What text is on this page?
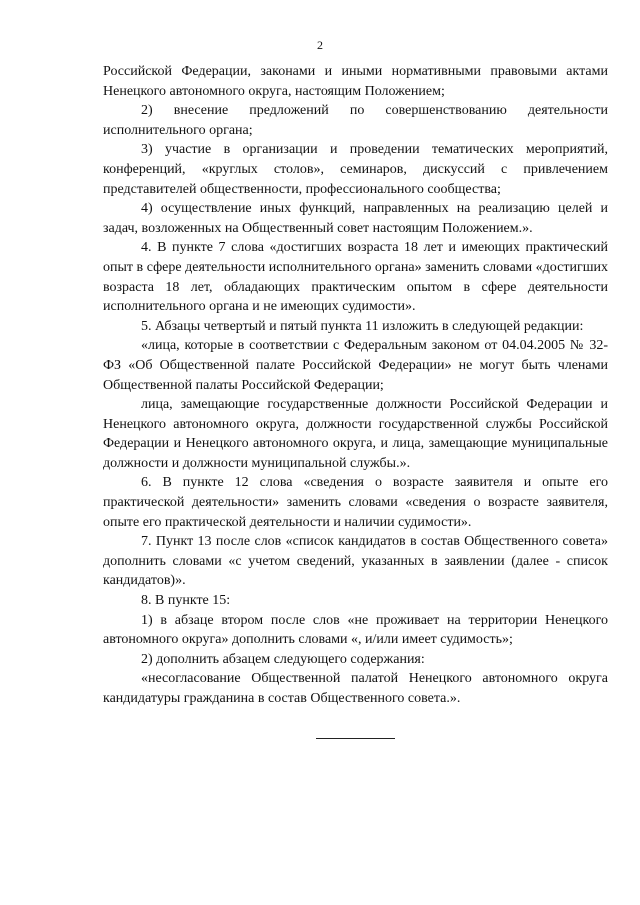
2

Российской Федерации, законами и иными нормативными правовыми актами Ненецкого автономного округа, настоящим Положением;

2) внесение предложений по совершенствованию деятельности исполнительного органа;

3) участие в организации и проведении тематических мероприятий, конференций, «круглых столов», семинаров, дискуссий с привлечением представителей общественности, профессионального сообщества;

4) осуществление иных функций, направленных на реализацию целей и задач, возложенных на Общественный совет настоящим Положением.».

4. В пункте 7 слова «достигших возраста 18 лет и имеющих практический опыт в сфере деятельности исполнительного органа» заменить словами «достигших возраста 18 лет, обладающих практическим опытом в сфере деятельности исполнительного органа и не имеющих судимости».

5. Абзацы четвертый и пятый пункта 11 изложить в следующей редакции:

«лица, которые в соответствии с Федеральным законом от 04.04.2005 № 32-ФЗ «Об Общественной палате Российской Федерации» не могут быть членами Общественной палаты Российской Федерации;

лица, замещающие государственные должности Российской Федерации и Ненецкого автономного округа, должности государственной службы Российской Федерации и Ненецкого автономного округа, и лица, замещающие муниципальные должности и должности муниципальной службы.».

6. В пункте 12 слова «сведения о возрасте заявителя и опыте его практической деятельности» заменить словами «сведения о возрасте заявителя, опыте его практической деятельности и наличии судимости».

7. Пункт 13 после слов «список кандидатов в состав Общественного совета» дополнить словами «с учетом сведений, указанных в заявлении (далее - список кандидатов)».

8. В пункте 15:

1) в абзаце втором после слов «не проживает на территории Ненецкого автономного округа» дополнить словами «, и/или имеет судимость»;

2) дополнить абзацем следующего содержания:

«несогласование Общественной палатой Ненецкого автономного округа кандидатуры гражданина в состав Общественного совета.».
